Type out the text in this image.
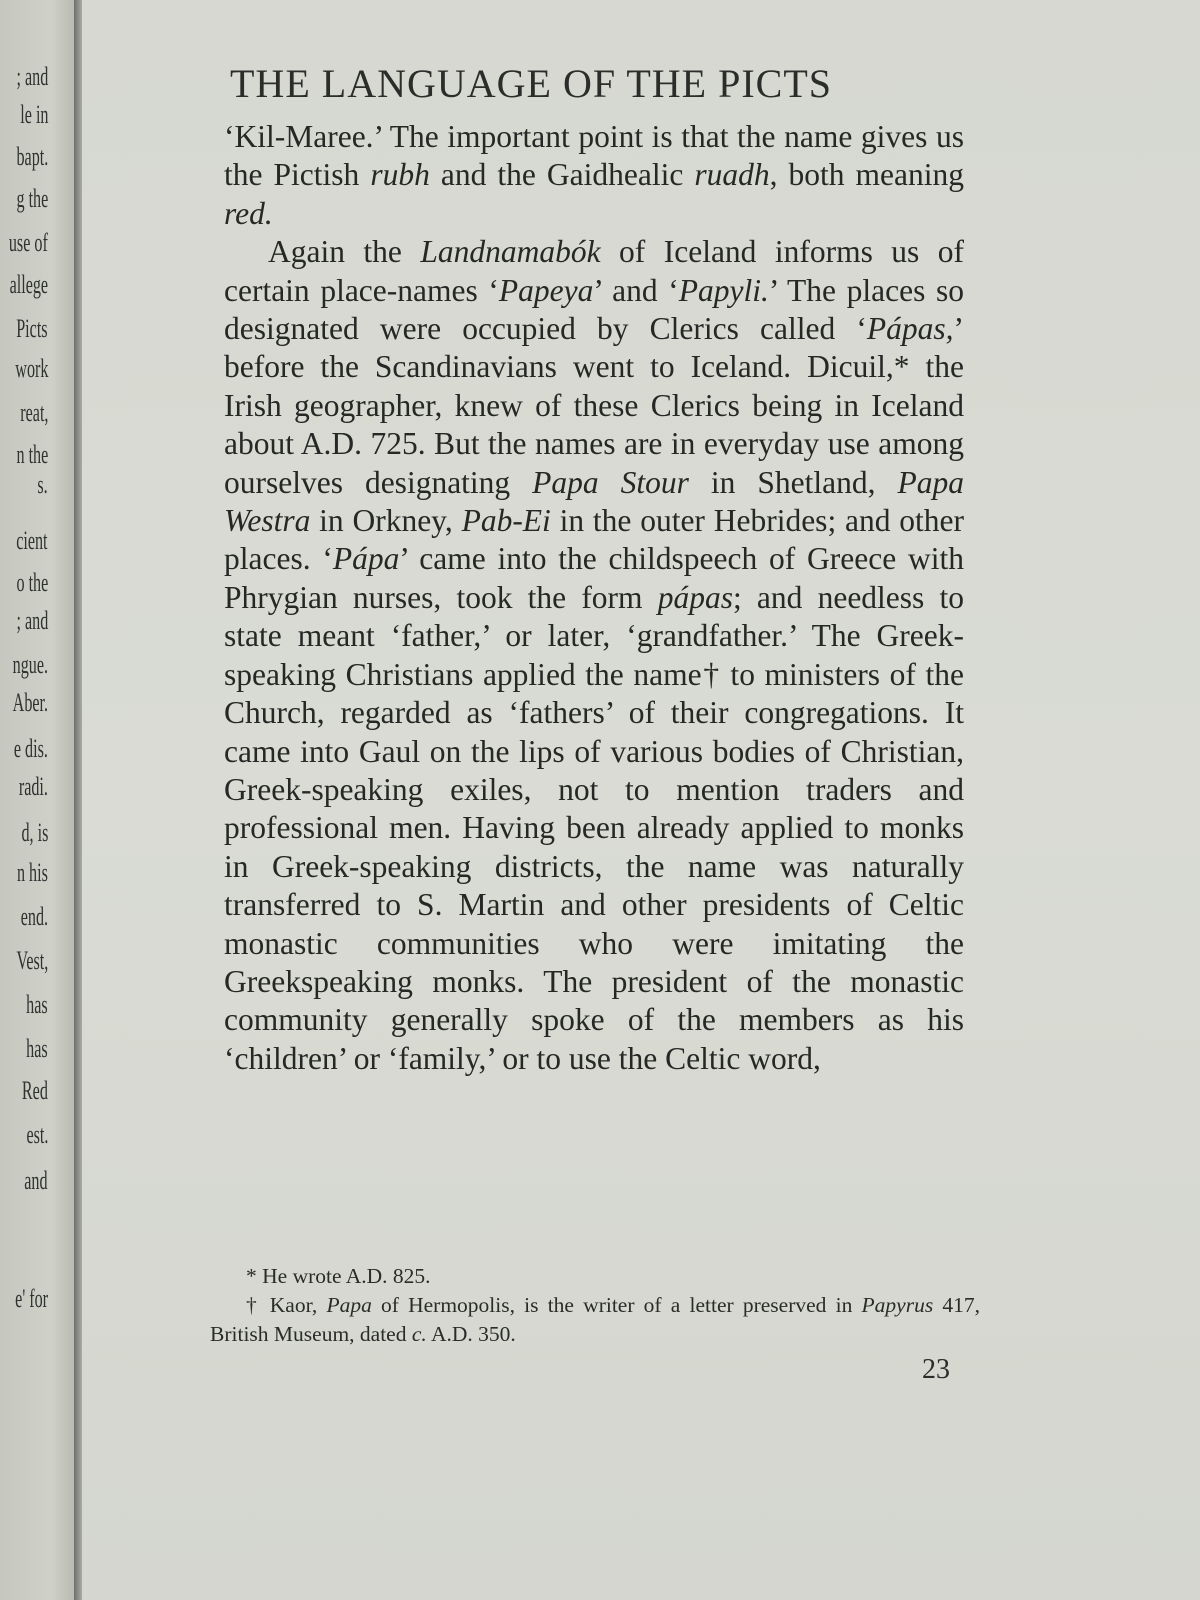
; and
le in
bapt.
g the
use of
allege
Picts
work
reat,
n the
s.
cient
o the
; and
ngue.
Aber.
e dis.
radi.
d, is
n his
end.
Vest,
has
has
Red
est.
and
e' for
THE LANGUAGE OF THE PICTS

‘Kil-Maree.’ The important point is that the name gives us the Pictish rubh and the Gaidhealic ruadh, both meaning red.

Again the Landnamabók of Iceland informs us of certain place-names ‘Papeya’ and ‘Papyli.’ The places so designated were occupied by Clerics called ‘Pápas,’ before the Scandinavians went to Iceland. Dicuil,* the Irish geographer, knew of these Clerics being in Iceland about A.D. 725. But the names are in everyday use among ourselves designating Papa Stour in Shetland, Papa Westra in Orkney, Pab-Ei in the outer Hebrides; and other places. ‘Pápa’ came into the childspeech of Greece with Phrygian nurses, took the form pápas; and needless to state meant ‘father,’ or later, ‘grandfather.’ The Greek-speaking Christians applied the name† to ministers of the Church, regarded as ‘fathers’ of their congregations. It came into Gaul on the lips of various bodies of Christian, Greek-speaking exiles, not to mention traders and professional men. Having been already applied to monks in Greek-speaking districts, the name was naturally transferred to S. Martin and other presidents of Celtic monastic communities who were imitating the Greekspeaking monks. The president of the monastic community generally spoke of the members as his ‘children’ or ‘family,’ or to use the Celtic word,

* He wrote A.D. 825.

† Kaor, Papa of Hermopolis, is the writer of a letter preserved in Papyrus 417, British Museum, dated c. A.D. 350.

23
